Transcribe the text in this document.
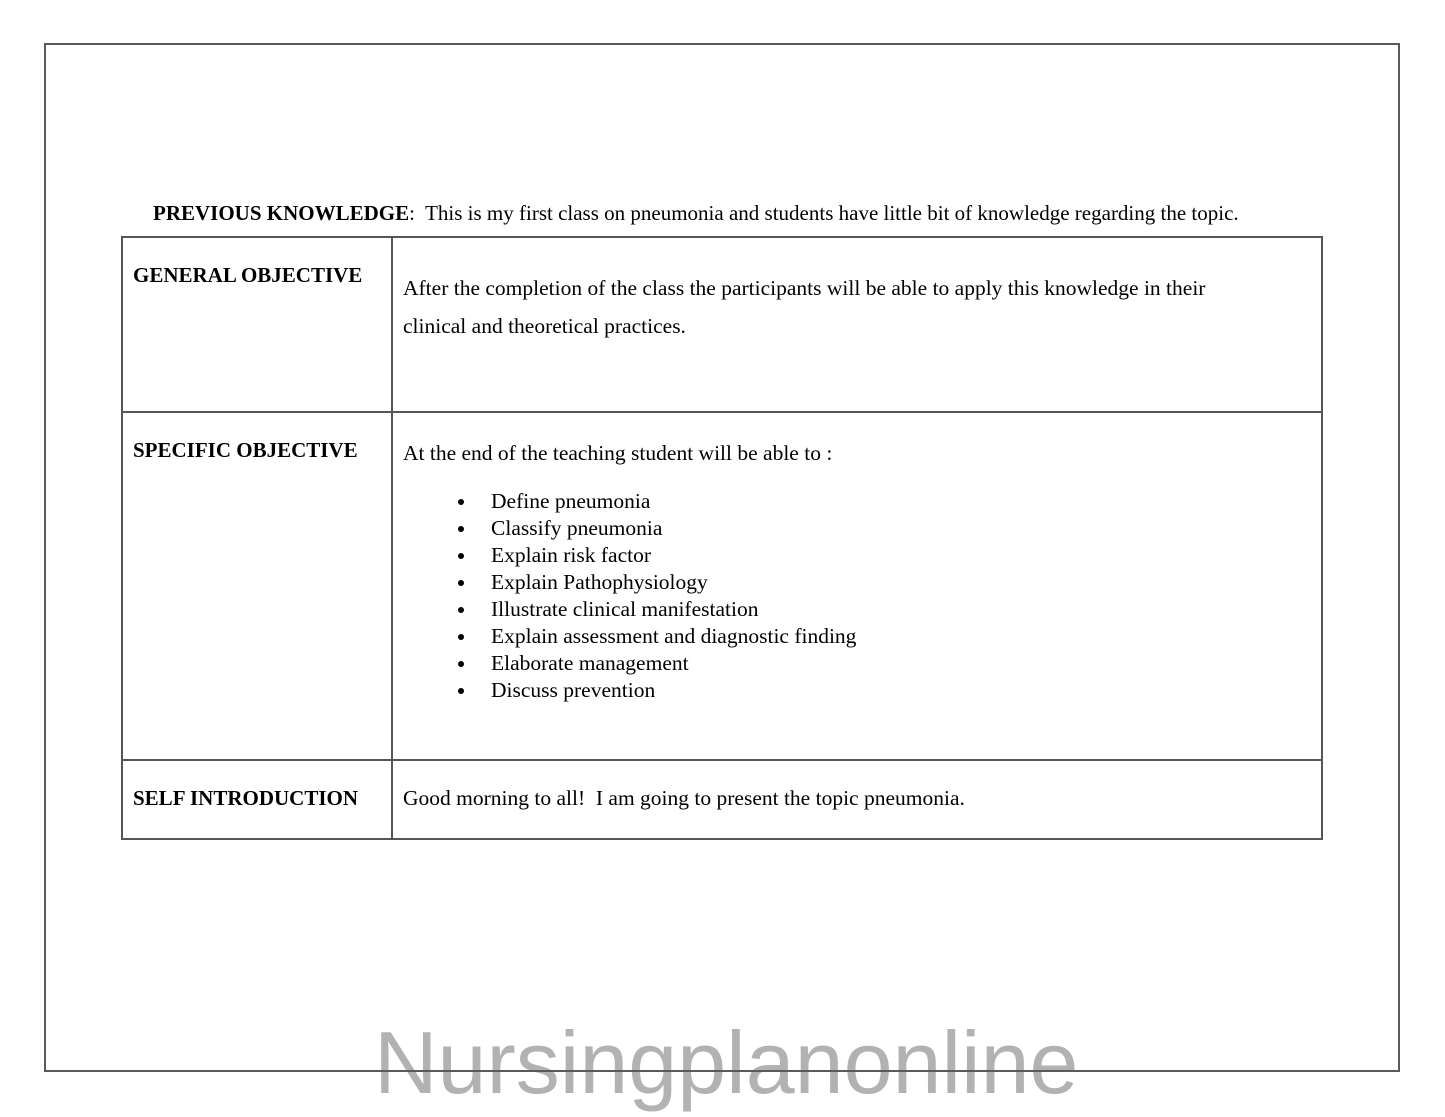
Nursingplanonline

PREVIOUS KNOWLEDGE:  This is my first class on pneumonia and students have little bit of knowledge regarding the topic.

GENERAL OBJECTIVE

After the completion of the class the participants will be able to apply this knowledge in their clinical and theoretical practices.

SPECIFIC OBJECTIVE	At the end of the teaching student will be able to :

• Define pneumonia
• Classify pneumonia
• Explain risk factor
• Explain Pathophysiology
• Illustrate clinical manifestation
• Explain assessment and diagnostic finding
• Elaborate management
• Discuss prevention
SELF INTRODUCTION	Good morning to all!  I am going to present the topic pneumonia.
